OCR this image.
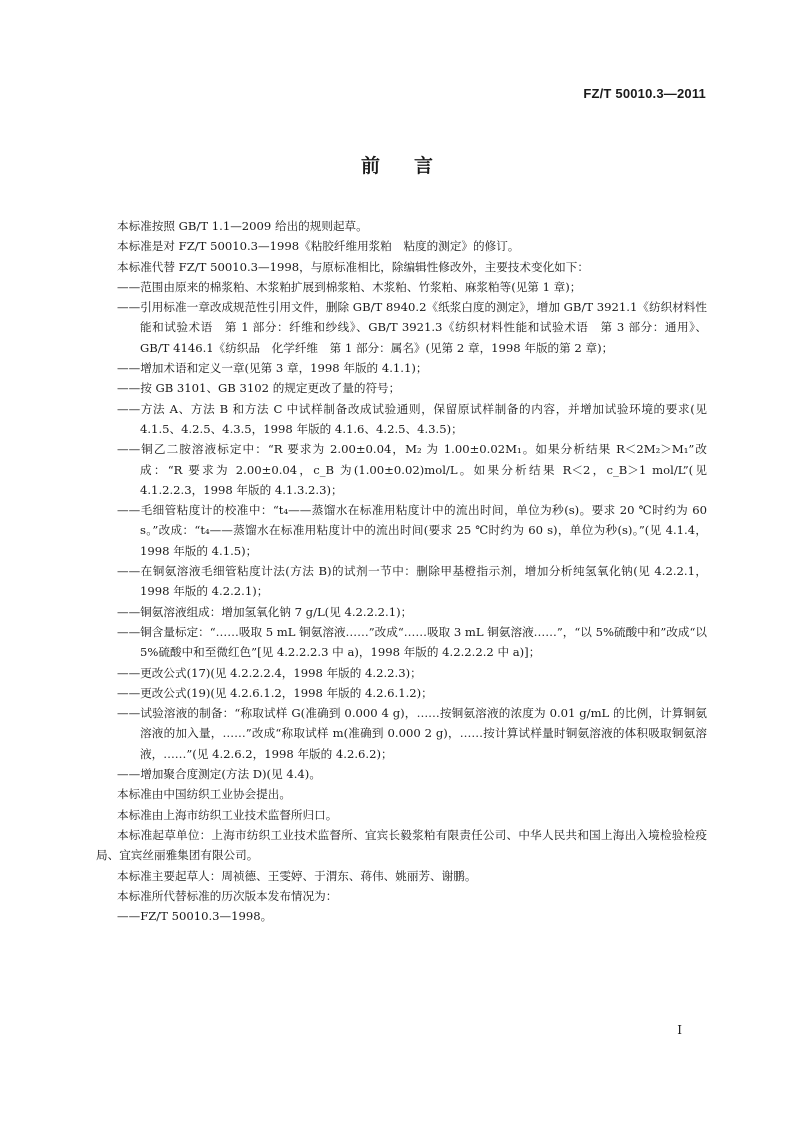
FZ/T 50010.3—2011
前言

本标准按照 GB/T 1.1—2009 给出的规则起草。

本标准是对 FZ/T 50010.3—1998《粘胶纤维用浆粕　粘度的测定》的修订。

本标准代替 FZ/T 50010.3—1998，与原标准相比，除编辑性修改外，主要技术变化如下：

——范围由原来的棉浆粕、木浆粕扩展到棉浆粕、木浆粕、竹浆粕、麻浆粕等(见第 1 章)；

——引用标准一章改成规范性引用文件，删除 GB/T 8940.2《纸浆白度的测定》，增加 GB/T 3921.1《纺织材料性能和试验术语　第 1 部分：纤维和纱线》、GB/T 3921.3《纺织材料性能和试验术语　第 3 部分：通用》、GB/T 4146.1《纺织品　化学纤维　第 1 部分：属名》(见第 2 章，1998 年版的第 2 章)；

——增加术语和定义一章(见第 3 章，1998 年版的 4.1.1)；

——按 GB 3101、GB 3102 的规定更改了量的符号；

——方法 A、方法 B 和方法 C 中试样制备改成试验通则，保留原试样制备的内容，并增加试验环境的要求(见 4.1.5、4.2.5、4.3.5，1998 年版的 4.1.6、4.2.5、4.3.5)；

——铜乙二胺溶液标定中：“R 要求为 2.00±0.04，M₂ 为 1.00±0.02M₁。如果分析结果 R＜2M₂＞M₁”改成：“R 要求为 2.00±0.04，c_B 为(1.00±0.02)mol/L。如果分析结果 R＜2，c_B＞1 mol/L”(见 4.1.2.2.3，1998 年版的 4.1.3.2.3)；

——毛细管粘度计的校准中：“t₄——蒸馏水在标准用粘度计中的流出时间，单位为秒(s)。要求 20 ℃时约为 60 s。”改成：“t₄——蒸馏水在标准用粘度计中的流出时间(要求 25 ℃时约为 60 s)，单位为秒(s)。”(见 4.1.4，1998 年版的 4.1.5)；

——在铜氨溶液毛细管粘度计法(方法 B)的试剂一节中：删除甲基橙指示剂，增加分析纯氢氧化钠(见 4.2.2.1，1998 年版的 4.2.2.1)；

——铜氨溶液组成：增加氢氧化钠 7 g/L(见 4.2.2.2.1)；

——铜含量标定：“……吸取 5 mL 铜氨溶液……”改成“……吸取 3 mL 铜氨溶液……”，“以 5%硫酸中和”改成“以 5%硫酸中和至微红色”[见 4.2.2.2.3 中 a)，1998 年版的 4.2.2.2.2 中 a)]；

——更改公式(17)(见 4.2.2.2.4，1998 年版的 4.2.2.3)；

——更改公式(19)(见 4.2.6.1.2，1998 年版的 4.2.6.1.2)；

——试验溶液的制备：“称取试样 G(准确到 0.000 4 g)，……按铜氨溶液的浓度为 0.01 g/mL 的比例，计算铜氨溶液的加入量，……”改成“称取试样 m(准确到 0.000 2 g)，……按计算试样量时铜氨溶液的体积吸取铜氨溶液，……”(见 4.2.6.2，1998 年版的 4.2.6.2)；

——增加聚合度测定(方法 D)(见 4.4)。

本标准由中国纺织工业协会提出。

本标准由上海市纺织工业技术监督所归口。

本标准起草单位：上海市纺织工业技术监督所、宜宾长毅浆粕有限责任公司、中华人民共和国上海出入境检验检疫局、宜宾丝丽雅集团有限公司。

本标准主要起草人：周祯德、王雯婷、于渭东、蒋伟、姚丽芳、谢鹏。

本标准所代替标准的历次版本发布情况为：

——FZ/T 50010.3—1998。

I
